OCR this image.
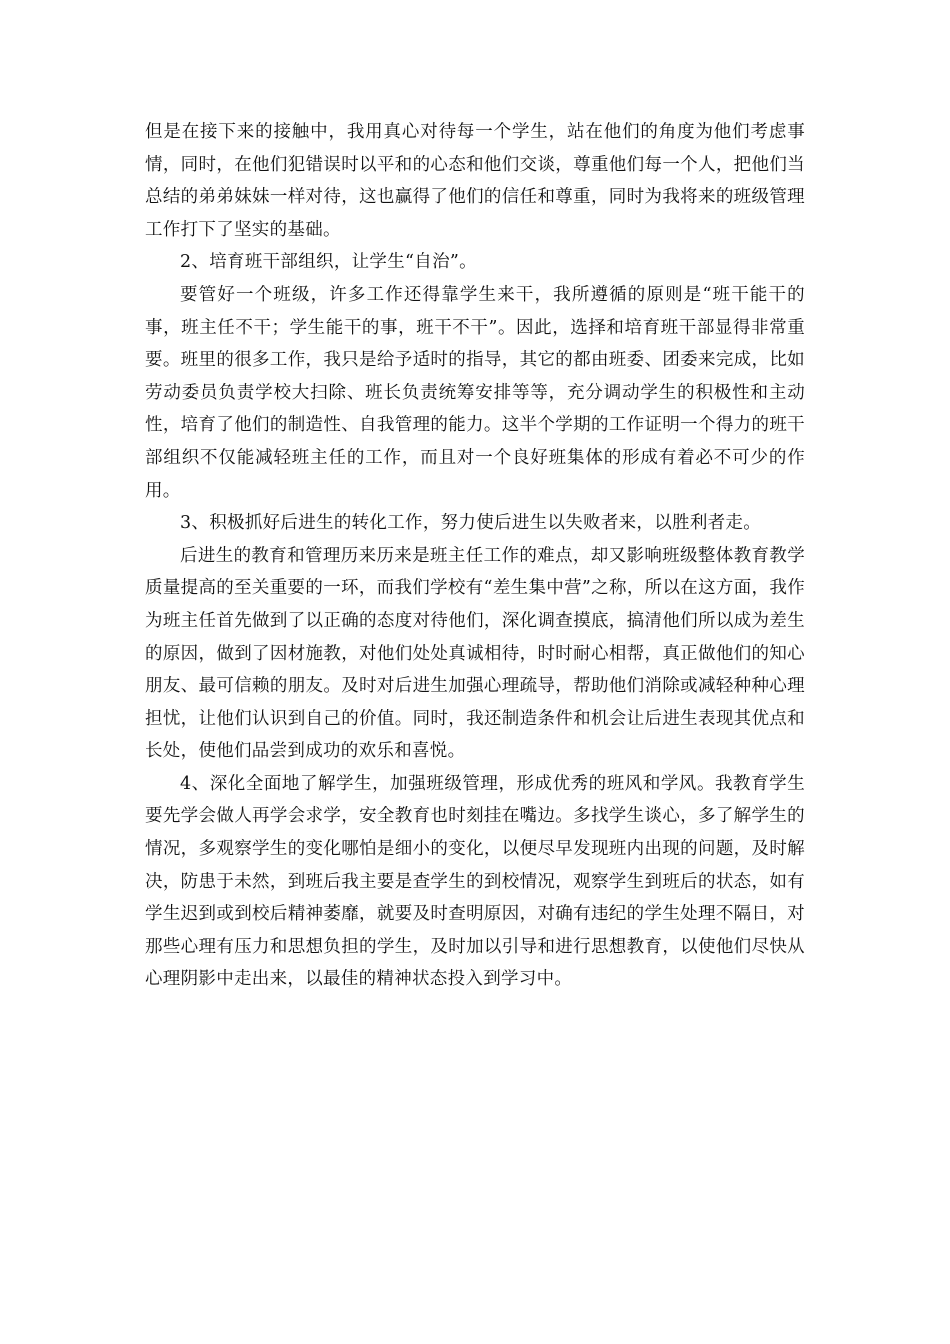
但是在接下来的接触中，我用真心对待每一个学生，站在他们的角度为他们考虑事情，同时，在他们犯错误时以平和的心态和他们交谈，尊重他们每一个人，把他们当总结的弟弟妹妹一样对待，这也赢得了他们的信任和尊重，同时为我将来的班级管理工作打下了坚实的基础。

2、培育班干部组织，让学生“自治”。

要管好一个班级，许多工作还得靠学生来干，我所遵循的原则是“班干能干的事，班主任不干；学生能干的事，班干不干”。因此，选择和培育班干部显得非常重要。班里的很多工作，我只是给予适时的指导，其它的都由班委、团委来完成，比如劳动委员负责学校大扫除、班长负责统筹安排等等，充分调动学生的积极性和主动性，培育了他们的制造性、自我管理的能力。这半个学期的工作证明一个得力的班干部组织不仅能减轻班主任的工作，而且对一个良好班集体的形成有着必不可少的作用。

3、积极抓好后进生的转化工作，努力使后进生以失败者来，以胜利者走。

后进生的教育和管理历来历来是班主任工作的难点，却又影响班级整体教育教学质量提高的至关重要的一环，而我们学校有“差生集中营”之称，所以在这方面，我作为班主任首先做到了以正确的态度对待他们，深化调查摸底，搞清他们所以成为差生的原因，做到了因材施教，对他们处处真诚相待，时时耐心相帮，真正做他们的知心朋友、最可信赖的朋友。及时对后进生加强心理疏导，帮助他们消除或减轻种种心理担忧，让他们认识到自己的价值。同时，我还制造条件和机会让后进生表现其优点和长处，使他们品尝到成功的欢乐和喜悦。

4、深化全面地了解学生，加强班级管理，形成优秀的班风和学风。我教育学生要先学会做人再学会求学，安全教育也时刻挂在嘴边。多找学生谈心，多了解学生的情况，多观察学生的变化哪怕是细小的变化，以便尽早发现班内出现的问题，及时解决，防患于未然，到班后我主要是查学生的到校情况，观察学生到班后的状态，如有学生迟到或到校后精神萎靡，就要及时查明原因，对确有违纪的学生处理不隔日，对那些心理有压力和思想负担的学生，及时加以引导和进行思想教育，以使他们尽快从心理阴影中走出来，以最佳的精神状态投入到学习中。
